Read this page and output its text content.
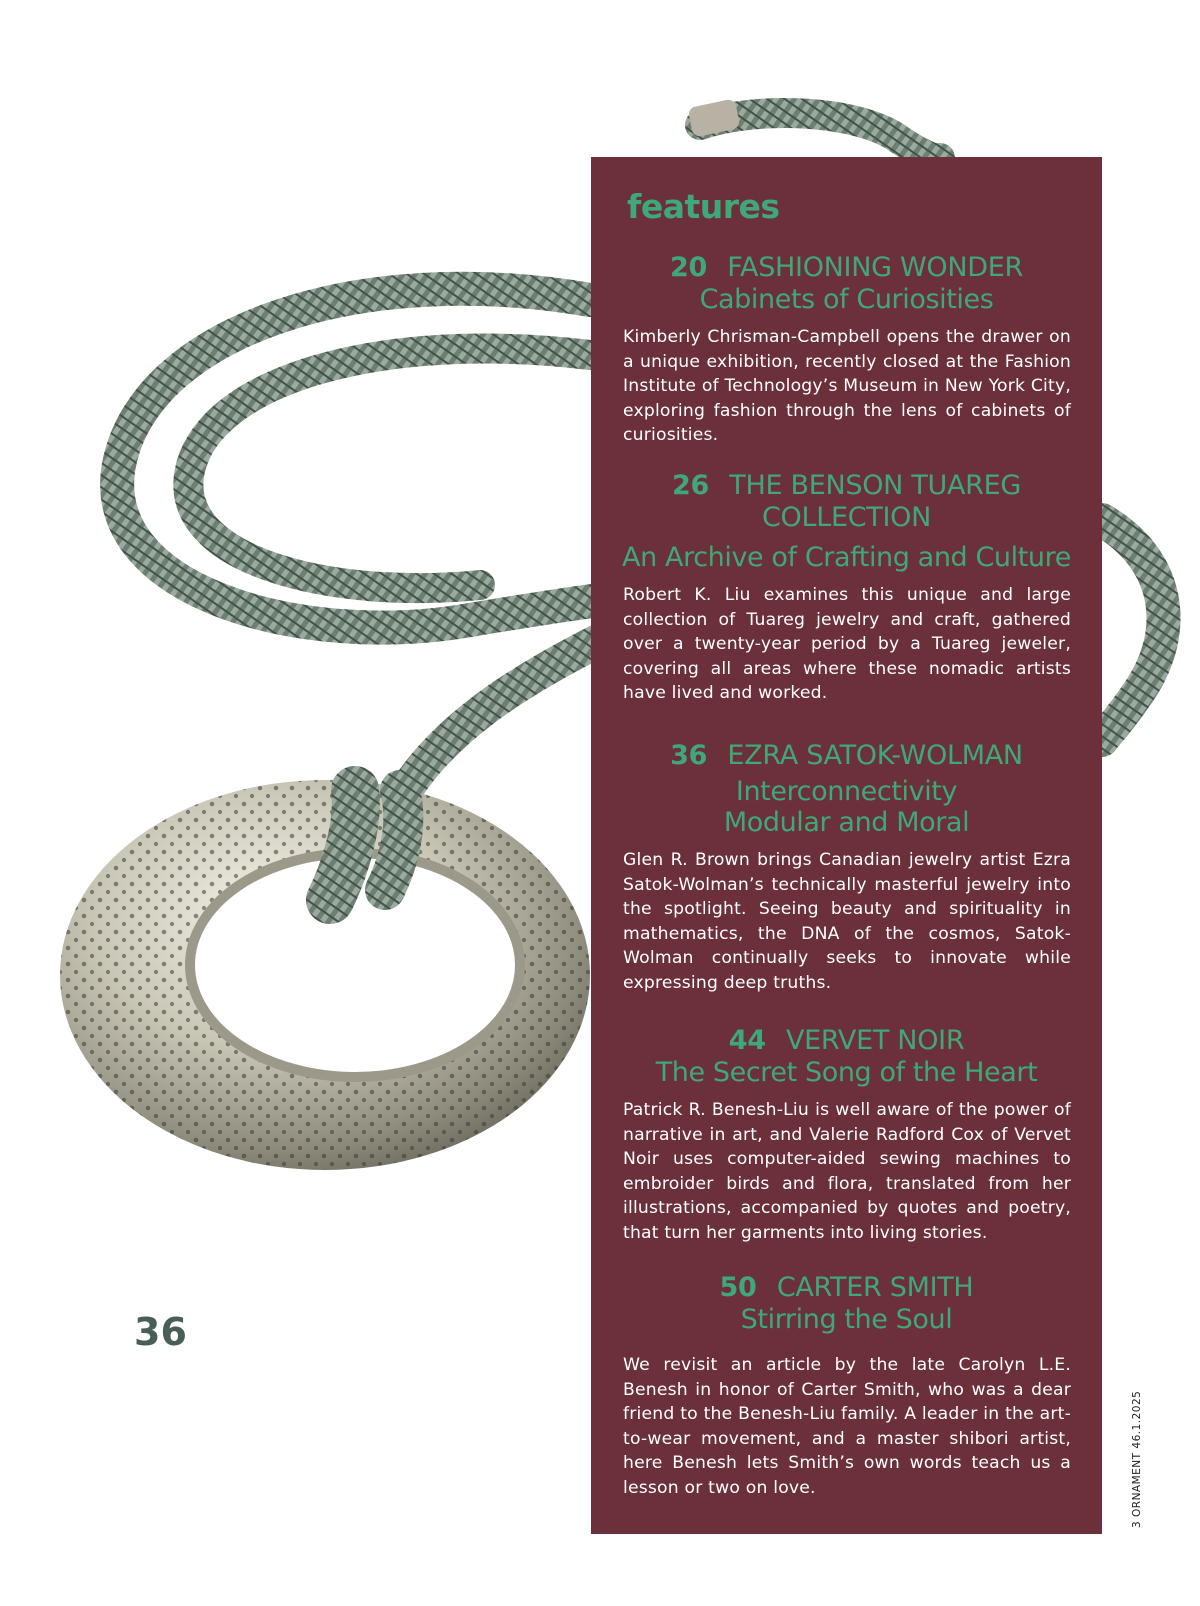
features
20 FASHIONING WONDER
Cabinets of Curiosities
Kimberly Chrisman-Campbell opens the drawer on a unique exhibition, recently closed at the Fashion Institute of Technology’s Museum in New York City, exploring fashion through the lens of cabinets of curiosities.
26 THE BENSON TUAREG
COLLECTION
An Archive of Crafting and Culture
Robert K. Liu examines this unique and large collection of Tuareg jewelry and craft, gathered over a twenty-year period by a Tuareg jeweler, covering all areas where these nomadic artists have lived and worked.
36 EZRA SATOK-WOLMAN
Interconnectivity
Modular and Moral
Glen R. Brown brings Canadian jewelry artist Ezra Satok-Wolman’s technically masterful jewelry into the spotlight. Seeing beauty and spirituality in mathematics, the DNA of the cosmos, Satok-Wolman continually seeks to innovate while expressing deep truths.
44 VERVET NOIR
The Secret Song of the Heart
Patrick R. Benesh-Liu is well aware of the power of narrative in art, and Valerie Radford Cox of Vervet Noir uses computer-aided sewing machines to embroider birds and flora, translated from her illustrations, accompanied by quotes and poetry, that turn her garments into living stories.
50 CARTER SMITH
Stirring the Soul
We revisit an article by the late Carolyn L.E. Benesh in honor of Carter Smith, who was a dear friend to the Benesh-Liu family. A leader in the art-to-wear movement, and a master shibori artist, here Benesh lets Smith’s own words teach us a lesson or two on love.
36
3 ORNAMENT 46.1.2025
